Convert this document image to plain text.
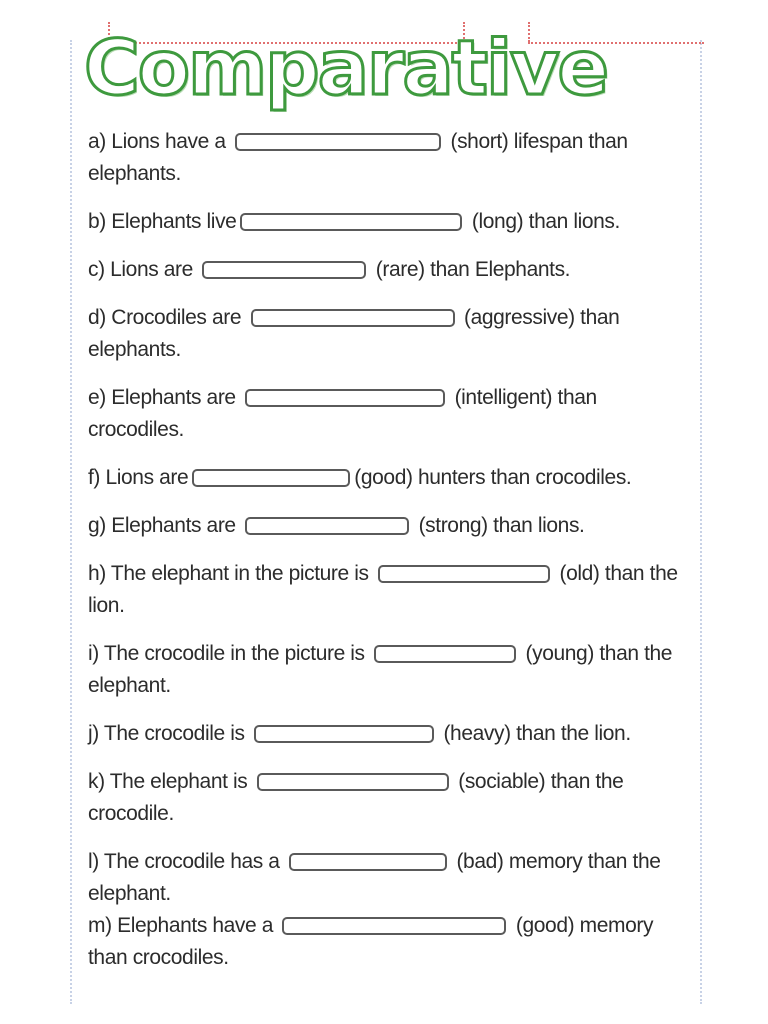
Comparative
a) Lions have a	(short) lifespan than elephants.
b) Elephants live	(long) than lions.
c) Lions are	(rare) than Elephants.
d) Crocodiles are	(aggressive) than elephants.
e) Elephants are	(intelligent) than crocodiles.
f) Lions are	(good) hunters than crocodiles.
g) Elephants are	(strong) than lions.
h) The elephant in the picture is	(old) than the lion.
i) The crocodile in the picture is	(young) than the elephant.
j) The crocodile is	(heavy) than the lion.
k) The elephant is	(sociable) than the crocodile.
l) The crocodile has a	(bad) memory than the elephant.
m) Elephants have a	(good) memory than crocodiles.
